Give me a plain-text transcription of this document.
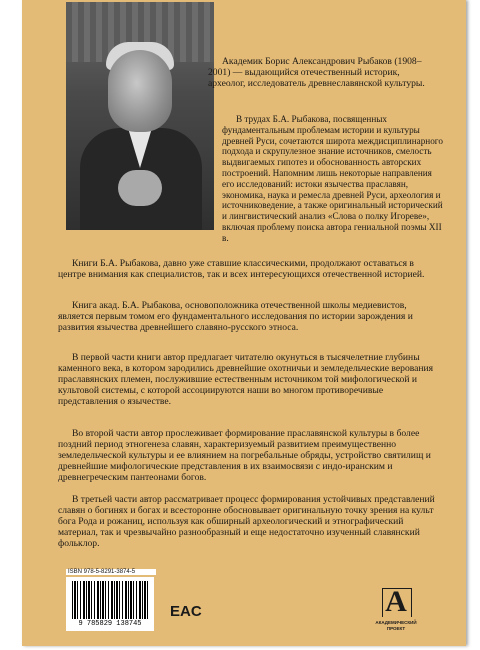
Академик Борис Александрович Рыбаков (1908–2001) — выдающийся отечественный историк, археолог, исследователь древнеславянской культуры.

В трудах Б.А. Рыбакова, посвященных фундаментальным проблемам истории и культуры древней Руси, сочетаются широта междисциплинарного подхода и скрупулезное знание источников, смелость выдвигаемых гипотез и обоснованность авторских построений. Напомним лишь некоторые направления его исследований: истоки язычества праславян, экономика, наука и ремесла древней Руси, археология и источниковедение, а также оригинальный исторический и лингвистический анализ «Слова о полку Игореве», включая проблему поиска автора гениальной поэмы XII в.

Книги Б.А. Рыбакова, давно уже ставшие классическими, продолжают оставаться в центре внимания как специалистов, так и всех интересующихся отечественной историей.

Книга акад. Б.А. Рыбакова, основоположника отечественной школы медиевистов, является первым томом его фундаментального исследования по истории зарождения и развития язычества древнейшего славяно-русского этноса.

В первой части книги автор предлагает читателю окунуться в тысячелетние глубины каменного века, в котором зародились древнейшие охотничьи и земледельческие верования праславянских племен, послужившие естественным источником той мифологической и культовой системы, с которой ассоциируются наши во многом противоречивые представления о язычестве.

Во второй части автор прослеживает формирование праславянской культуры в более поздний период этногенеза славян, характеризуемый развитием преимущественно земледельческой культуры и ее влиянием на погребальные обряды, устройство святилищ и древнейшие мифологические представления в их взаимосвязи с индо-иранским и древнегреческим пантеонами богов.

В третьей части автор рассматривает процесс формирования устойчивых представлений славян о богинях и богах и всесторонне обосновывает оригинальную точку зрения на культ бога Рода и рожаниц, используя как обширный археологический и этнографический материал, так и чрезвычайно разнообразный и еще недостаточно изученный славянский фольклор.

ISBN 978-5-8291-3874-5
9 785829 138745
EAC	А
АКАДЕМИЧЕСКИЙ ПРОЕКТ
